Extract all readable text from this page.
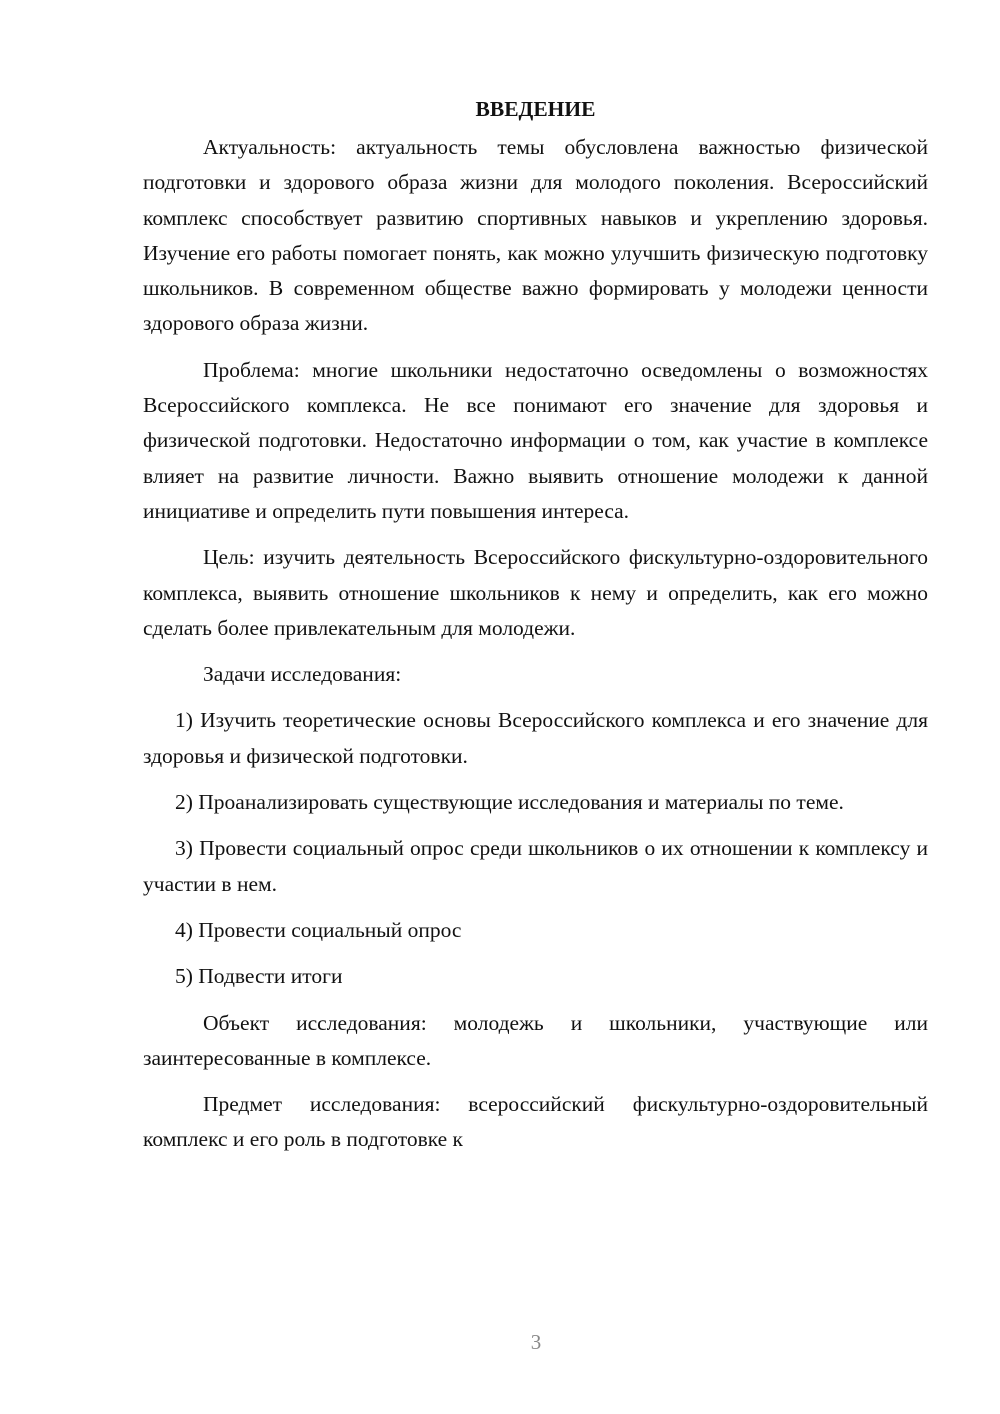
ВВЕДЕНИЕ

Актуальность: актуальность темы обусловлена важностью физической подготовки и здорового образа жизни для молодого поколения. Всероссийский комплекс способствует развитию спортивных навыков и укреплению здоровья. Изучение его работы помогает понять, как можно улучшить физическую подготовку школьников. В современном обществе важно формировать у молодежи ценности здорового образа жизни.

Проблема: многие школьники недостаточно осведомлены о возможностях Всероссийского комплекса. Не все понимают его значение для здоровья и физической подготовки. Недостаточно информации о том, как участие в комплексе влияет на развитие личности. Важно выявить отношение молодежи к данной инициативе и определить пути повышения интереса.

Цель: изучить деятельность Всероссийского фискультурно-оздоровительного комплекса, выявить отношение школьников к нему и определить, как его можно сделать более привлекательным для молодежи.

Задачи исследования:

1) Изучить теоретические основы Всероссийского комплекса и его значение для здоровья и физической подготовки.

2) Проанализировать существующие исследования и материалы по теме.

3) Провести социальный опрос среди школьников о их отношении к комплексу и участии в нем.

4) Провести социальный опрос

5) Подвести итоги

Объект исследования: молодежь и школьники, участвующие или заинтересованные в комплексе.

Предмет исследования: всероссийский фискультурно-оздоровительный комплекс и его роль в подготовке к

3
